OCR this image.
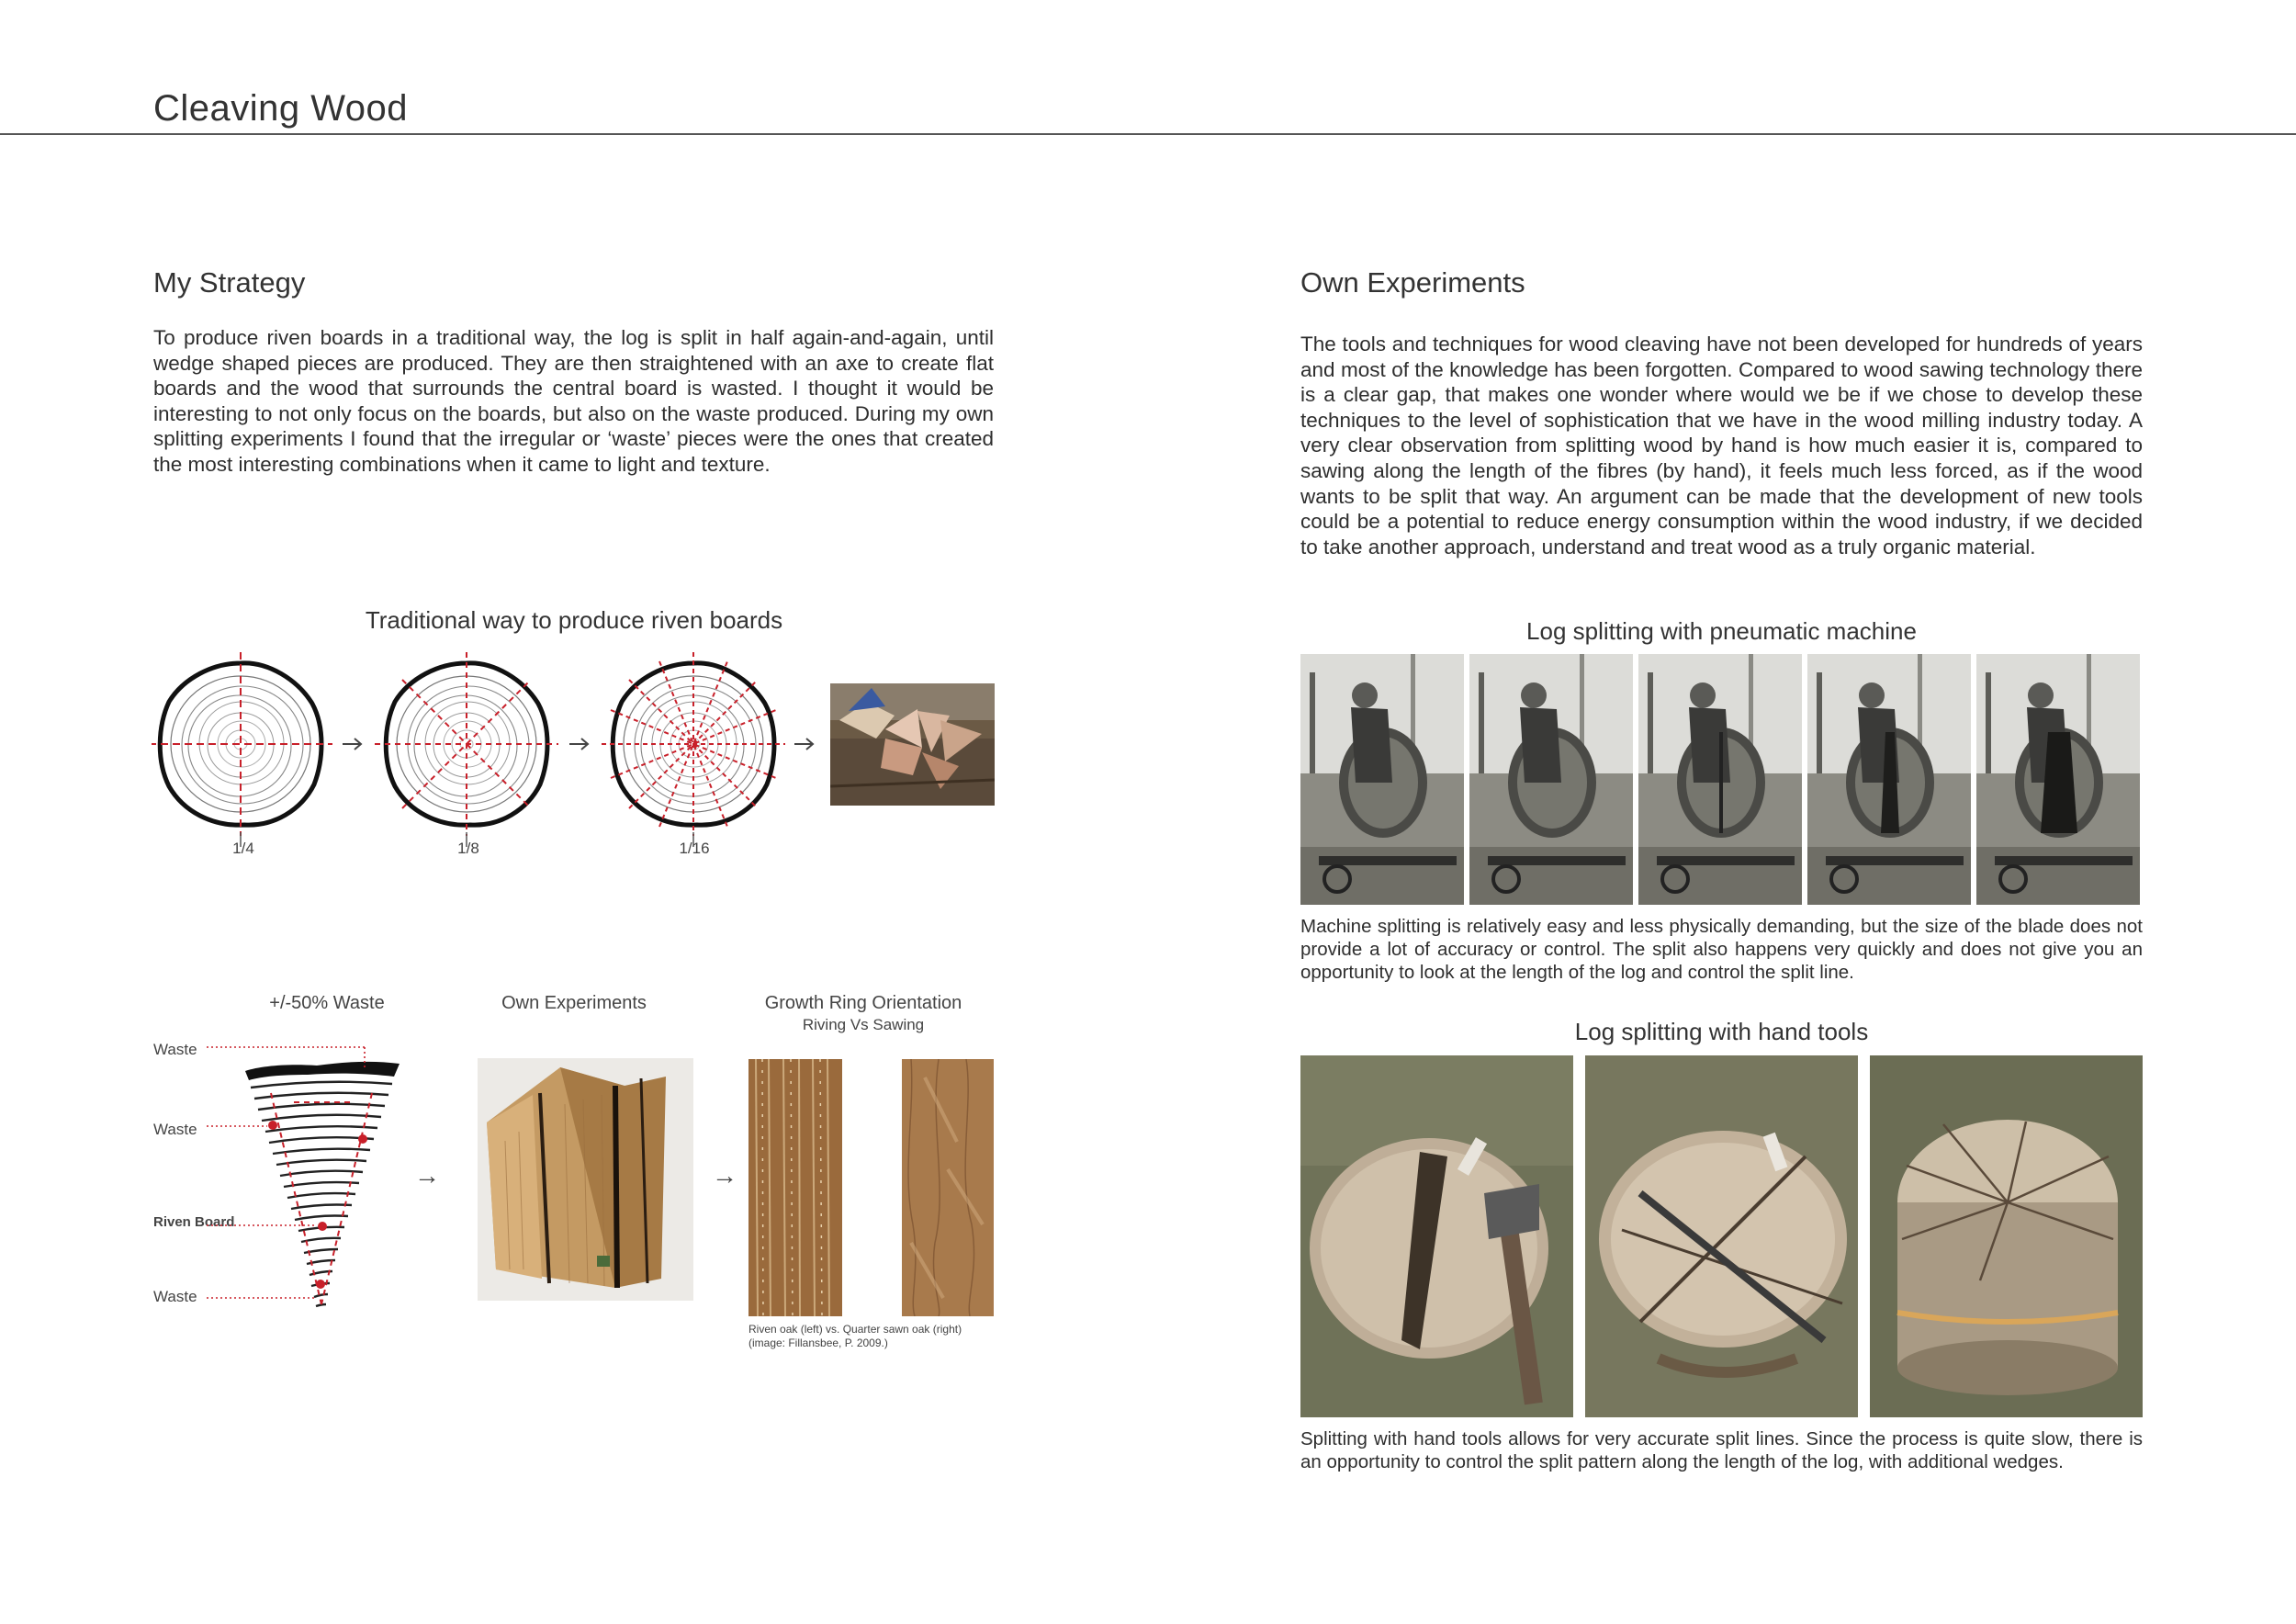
Cleaving Wood
My Strategy
To produce riven boards in a traditional way, the log is split in half again-and-again, until wedge shaped pieces are produced. They are then straightened with an axe to create flat boards and the wood that surrounds the central board is wasted. I thought it would be interesting to not only focus on the boards, but also on the waste produced. During my own splitting experiments I found that the irregular or ‘waste’ pieces were the ones that created the most interesting combinations when it came to light and texture.
Traditional way to produce riven boards
1/4	1/8	1/16
+/-50% Waste	Own Experiments	Growth Ring Orientation
Riving Vs Sawing
Waste
Waste
Riven Board
Waste
→	→
Riven oak (left) vs. Quarter sawn oak (right)
(image: Fillansbee, P. 2009.)
Own Experiments
The tools and techniques for wood cleaving have not been developed for hundreds of years and most of the knowledge has been forgotten. Compared to wood sawing technology there is a clear gap, that makes one wonder where would we be if we chose to develop these techniques to the level of sophistication that we have in the wood milling industry today. A very clear observation from splitting wood by hand is how much easier it is, compared to sawing along the length of the fibres (by hand), it feels much less forced, as if the wood wants to be split that way. An argument can be made that the development of new tools could be a potential to reduce energy consumption within the wood industry, if we decided to take another approach, understand and treat wood as a truly organic material.
Log splitting with pneumatic machine
Machine splitting is relatively easy and less physically demanding, but the size of the blade does not provide a lot of accuracy or control. The split also happens very quickly and does not give you an opportunity to look at the length of the log and control the split line.
Log splitting with hand tools
Splitting with hand tools allows for very accurate split lines. Since the process is quite slow, there is an opportunity to control the split pattern along the length of the log, with additional wedges.
